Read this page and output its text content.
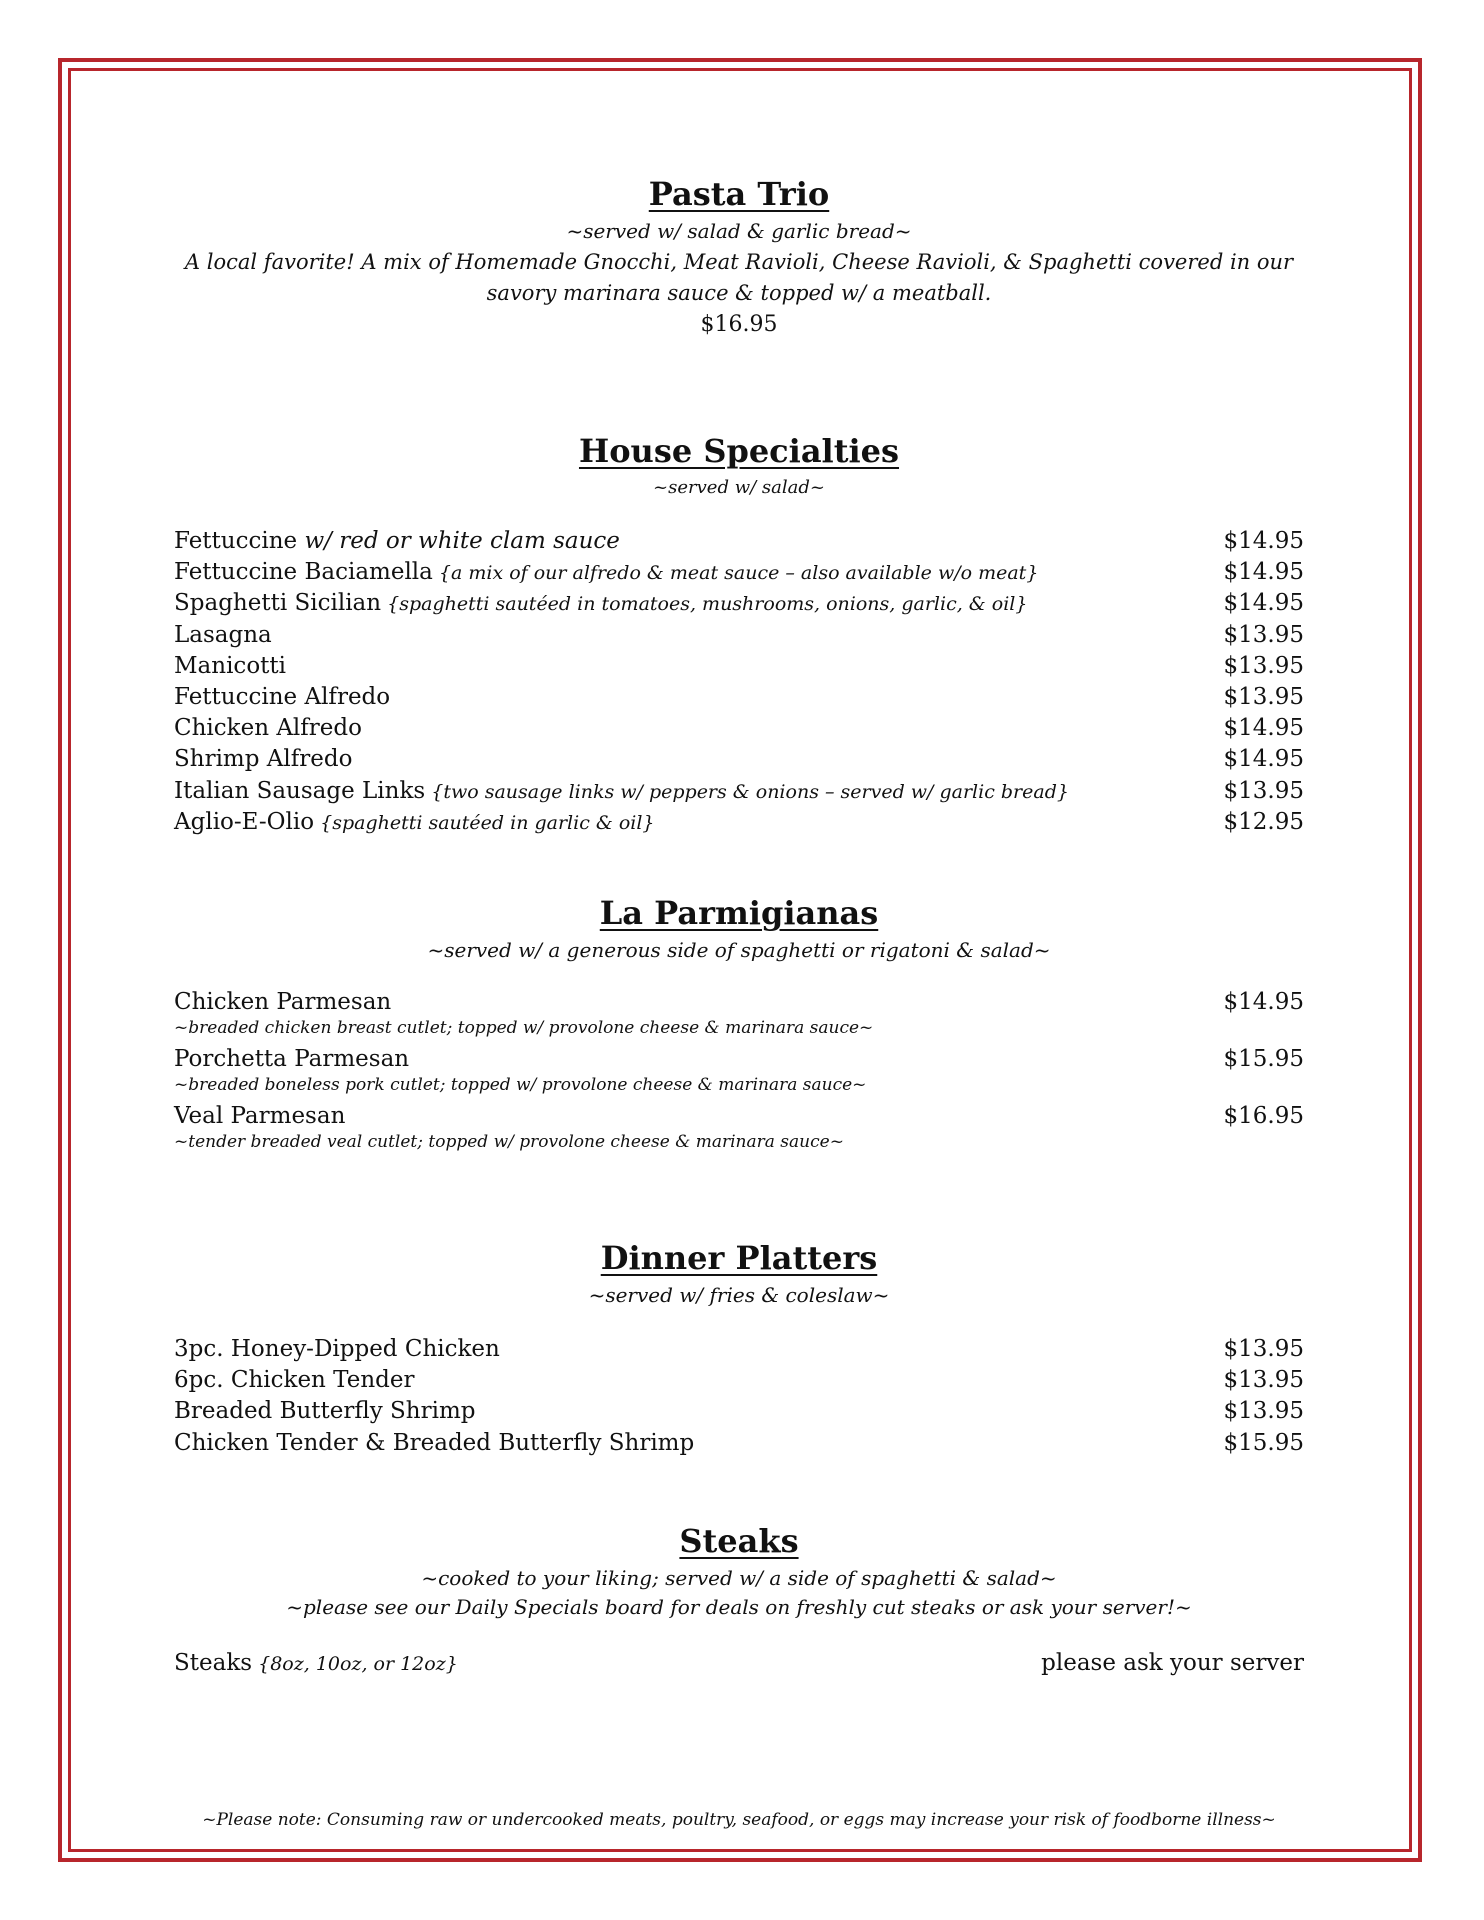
Pasta Trio
~served w/ salad & garlic bread~
A local favorite! A mix of Homemade Gnocchi, Meat Ravioli, Cheese Ravioli, & Spaghetti covered in our
savory marinara sauce & topped w/ a meatball.
$16.95
House Specialties
~served w/ salad~
Fettuccine w/ red or white clam sauce	$14.95
Fettuccine Baciamella {a mix of our alfredo & meat sauce – also available w/o meat}	$14.95
Spaghetti Sicilian {spaghetti sautéed in tomatoes, mushrooms, onions, garlic, & oil}	$14.95
Lasagna	$13.95
Manicotti	$13.95
Fettuccine Alfredo	$13.95
Chicken Alfredo	$14.95
Shrimp Alfredo	$14.95
Italian Sausage Links {two sausage links w/ peppers & onions – served w/ garlic bread}	$13.95
Aglio-E-Olio {spaghetti sautéed in garlic & oil}	$12.95
La Parmigianas
~served w/ a generous side of spaghetti or rigatoni & salad~
Chicken Parmesan	$14.95
~breaded chicken breast cutlet; topped w/ provolone cheese & marinara sauce~
Porchetta Parmesan	$15.95
~breaded boneless pork cutlet; topped w/ provolone cheese & marinara sauce~
Veal Parmesan	$16.95
~tender breaded veal cutlet; topped w/ provolone cheese & marinara sauce~
Dinner Platters
~served w/ fries & coleslaw~
3pc. Honey-Dipped Chicken	$13.95
6pc. Chicken Tender	$13.95
Breaded Butterfly Shrimp	$13.95
Chicken Tender & Breaded Butterfly Shrimp	$15.95
Steaks
~cooked to your liking; served w/ a side of spaghetti & salad~
~please see our Daily Specials board for deals on freshly cut steaks or ask your server!~
Steaks {8oz, 10oz, or 12oz}	please ask your server
~Please note: Consuming raw or undercooked meats, poultry, seafood, or eggs may increase your risk of foodborne illness~
